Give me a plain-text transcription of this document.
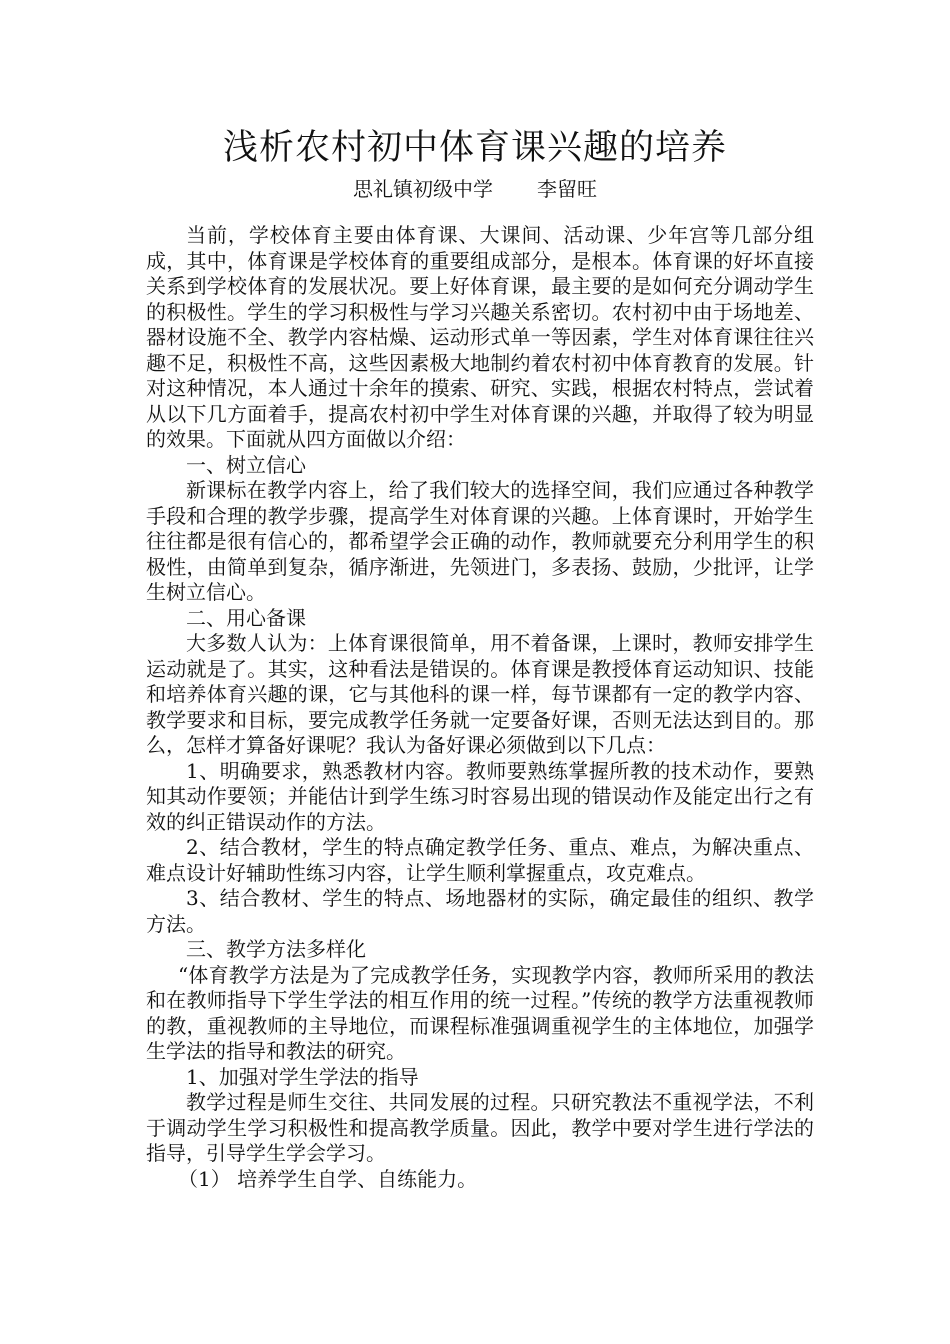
浅析农村初中体育课兴趣的培养
思礼镇初级中学 李留旺

当前，学校体育主要由体育课、大课间、活动课、少年宫等几部分组成，其中，体育课是学校体育的重要组成部分，是根本。体育课的好坏直接关系到学校体育的发展状况。要上好体育课，最主要的是如何充分调动学生的积极性。学生的学习积极性与学习兴趣关系密切。农村初中由于场地差、器材设施不全、教学内容枯燥、运动形式单一等因素，学生对体育课往往兴趣不足，积极性不高，这些因素极大地制约着农村初中体育教育的发展。针对这种情况，本人通过十余年的摸索、研究、实践，根据农村特点，尝试着从以下几方面着手，提高农村初中学生对体育课的兴趣，并取得了较为明显的效果。下面就从四方面做以介绍：

一、树立信心

新课标在教学内容上，给了我们较大的选择空间，我们应通过各种教学手段和合理的教学步骤，提高学生对体育课的兴趣。上体育课时，开始学生往往都是很有信心的，都希望学会正确的动作，教师就要充分利用学生的积极性，由简单到复杂，循序渐进，先领进门，多表扬、鼓励，少批评，让学生树立信心。

二、用心备课

大多数人认为：上体育课很简单，用不着备课，上课时，教师安排学生运动就是了。其实，这种看法是错误的。体育课是教授体育运动知识、技能和培养体育兴趣的课，它与其他科的课一样，每节课都有一定的教学内容、教学要求和目标，要完成教学任务就一定要备好课，否则无法达到目的。那么，怎样才算备好课呢？我认为备好课必须做到以下几点：

1、明确要求，熟悉教材内容。教师要熟练掌握所教的技术动作，要熟知其动作要领；并能估计到学生练习时容易出现的错误动作及能定出行之有效的纠正错误动作的方法。

2、结合教材，学生的特点确定教学任务、重点、难点，为解决重点、难点设计好辅助性练习内容，让学生顺利掌握重点，攻克难点。

3、结合教材、学生的特点、场地器材的实际，确定最佳的组织、教学方法。

三、教学方法多样化

“体育教学方法是为了完成教学任务，实现教学内容，教师所采用的教法和在教师指导下学生学法的相互作用的统一过程。”传统的教学方法重视教师的教，重视教师的主导地位，而课程标准强调重视学生的主体地位，加强学生学法的指导和教法的研究。

1、加强对学生学法的指导

教学过程是师生交往、共同发展的过程。只研究教法不重视学法，不利于调动学生学习积极性和提高教学质量。因此，教学中要对学生进行学法的指导，引导学生学会学习。

（1） 培养学生自学、自练能力。
